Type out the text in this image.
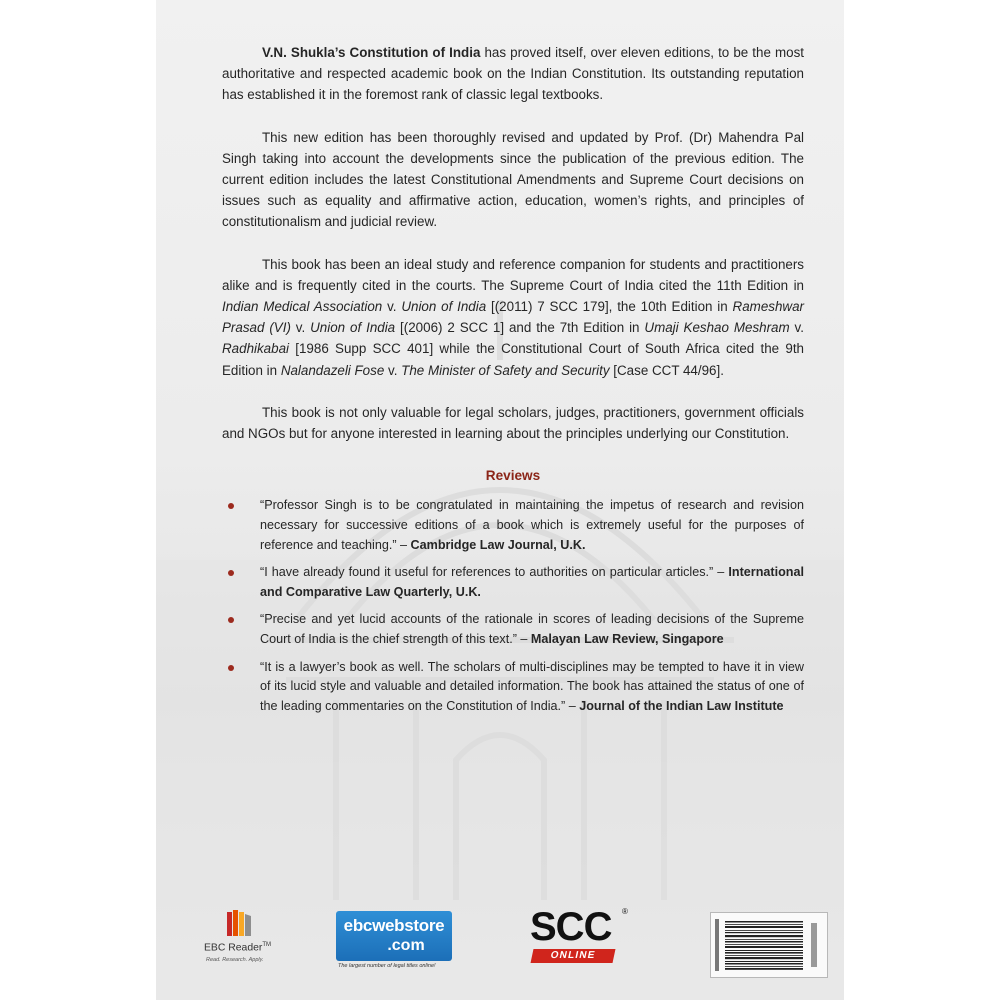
V.N. Shukla’s Constitution of India has proved itself, over eleven editions, to be the most authoritative and respected academic book on the Indian Constitution. Its outstanding reputation has established it in the foremost rank of classic legal textbooks.

This new edition has been thoroughly revised and updated by Prof. (Dr) Mahendra Pal Singh taking into account the developments since the publication of the previous edition. The current edition includes the latest Constitutional Amendments and Supreme Court decisions on issues such as equality and affirmative action, education, women’s rights, and principles of constitutionalism and judicial review.

This book has been an ideal study and reference companion for students and practitioners alike and is frequently cited in the courts. The Supreme Court of India cited the 11th Edition in Indian Medical Association v. Union of India [(2011) 7 SCC 179], the 10th Edition in Rameshwar Prasad (VI) v. Union of India [(2006) 2 SCC 1] and the 7th Edition in Umaji Keshao Meshram v. Radhikabai [1986 Supp SCC 401] while the Constitutional Court of South Africa cited the 9th Edition in Nalandazeli Fose v. The Minister of Safety and Security [Case CCT 44/96].

This book is not only valuable for legal scholars, judges, practitioners, government officials and NGOs but for anyone interested in learning about the principles underlying our Constitution.

Reviews
“Professor Singh is to be congratulated in maintaining the impetus of research and revision necessary for successive editions of a book which is extremely useful for the purposes of reference and teaching.” – Cambridge Law Journal, U.K.
“I have already found it useful for references to authorities on particular articles.” – International and Comparative Law Quarterly, U.K.
“Precise and yet lucid accounts of the rationale in scores of leading decisions of the Supreme Court of India is the chief strength of this text.” – Malayan Law Review, Singapore
“It is a lawyer’s book as well. The scholars of multi-disciplines may be tempted to have it in view of its lucid style and valuable and detailed information. The book has attained the status of one of the leading commentaries on the Constitution of India.” – Journal of the Indian Law Institute
EBC Reader™
Read. Research. Apply.
ebcwebstore
.com
The largest number of legal titles online!
SCC ®
ONLINE
